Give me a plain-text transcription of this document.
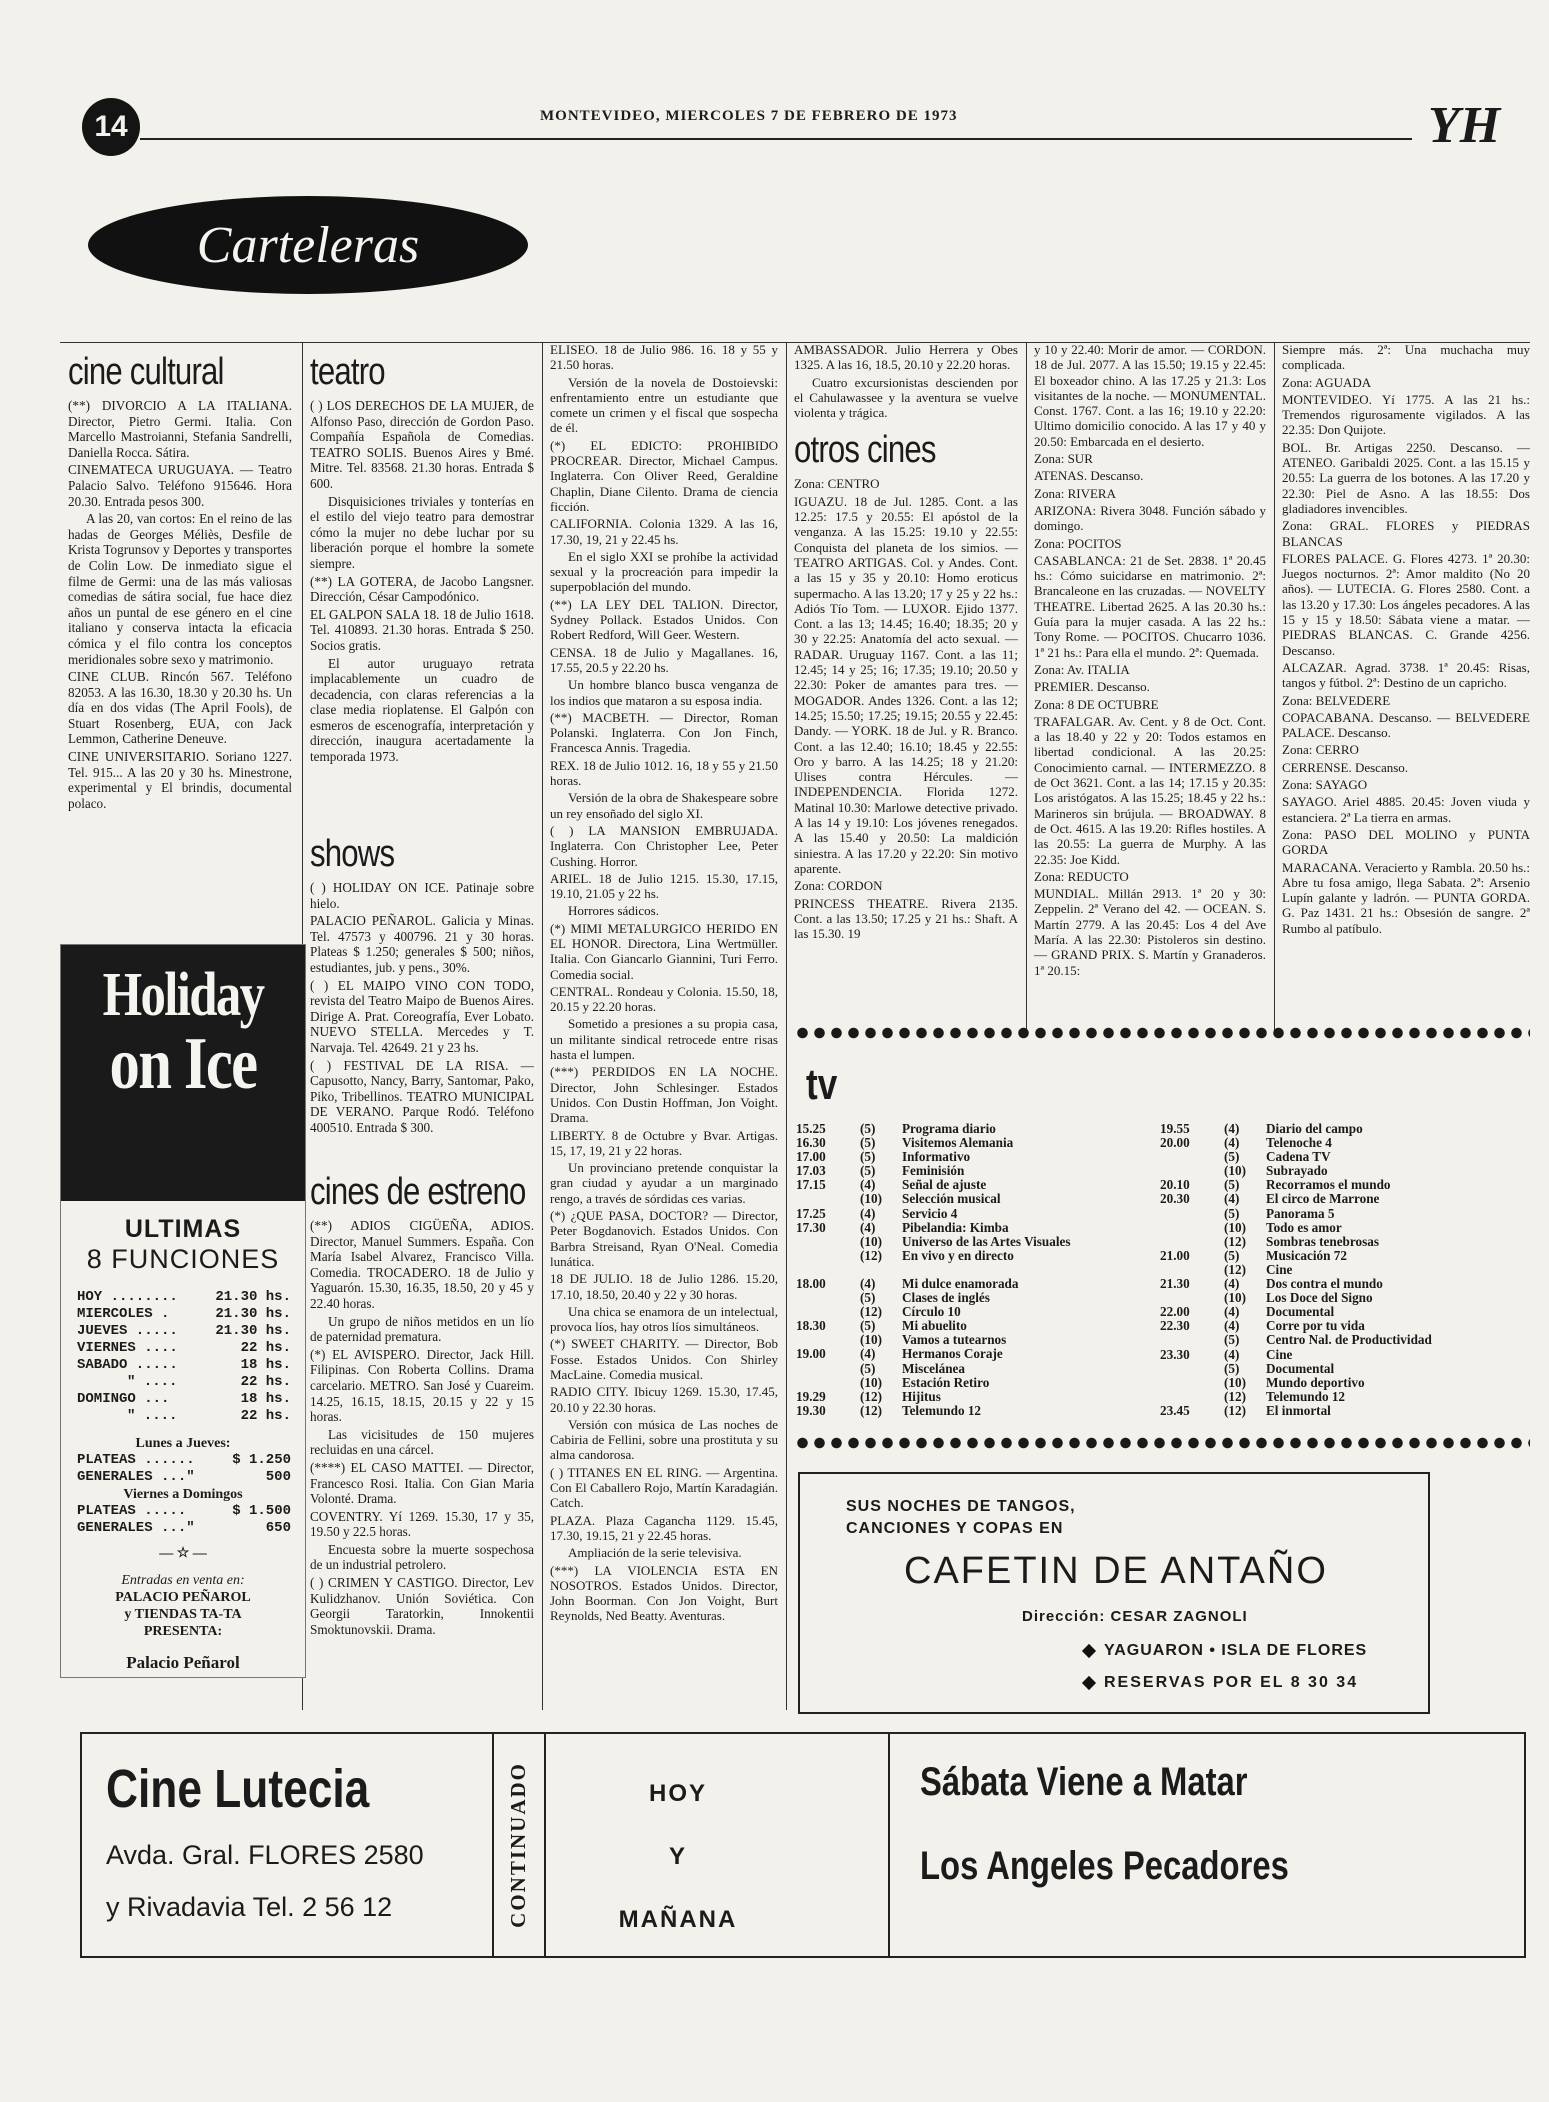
14	MONTEVIDEO, MIERCOLES 7 DE FEBRERO DE 1973	YH
Carteleras
cine cultural

(**) DIVORCIO A LA ITALIANA. Director, Pietro Germi. Italia. Con Marcello Mastroianni, Stefania Sandrelli, Daniella Rocca. Sátira.

CINEMATECA URUGUAYA. — Teatro Palacio Salvo. Teléfono 915646. Hora 20.30. Entrada pesos 300.

A las 20, van cortos: En el reino de las hadas de Georges Méliès, Desfile de Krista Togrunsov y Deportes y transportes de Colin Low. De inmediato sigue el filme de Germi: una de las más valiosas comedias de sátira social, fue hace diez años un puntal de ese género en el cine italiano y conserva intacta la eficacia cómica y el filo contra los conceptos meridionales sobre sexo y matrimonio.

CINE CLUB. Rincón 567. Teléfono 82053. A las 16.30, 18.30 y 20.30 hs. Un día en dos vidas (The April Fools), de Stuart Rosenberg, EUA, con Jack Lemmon, Catherine Deneuve.

CINE UNIVERSITARIO. Soriano 1227. Tel. 915... A las 20 y 30 hs. Minestrone, experimental y El brindis, documental polaco.

Holiday
on Ice
ULTIMAS
8 FUNCIONES
HOY ........	21.30 hs.
MIERCOLES .	21.30 hs.
JUEVES .....	21.30 hs.
VIERNES ....	22 hs.
SABADO .....	18 hs.
" ....	22 hs.
DOMINGO ...	18 hs.
" ....	22 hs.
Lunes a Jueves:
PLATEAS ......	$ 1.250
GENERALES ..."	500
Viernes a Domingos
PLATEAS .....	$ 1.500
GENERALES ..."	650
— ☆ —
Entradas en venta en:
PALACIO PEÑAROL
y TIENDAS TA-TA
PRESENTA:
Palacio Peñarol
teatro

( ) LOS DERECHOS DE LA MUJER, de Alfonso Paso, dirección de Gordon Paso. Compañía Española de Comedias. TEATRO SOLIS. Buenos Aires y Bmé. Mitre. Tel. 83568. 21.30 horas. Entrada $ 600.

Disquisiciones triviales y tonterías en el estilo del viejo teatro para demostrar cómo la mujer no debe luchar por su liberación porque el hombre la somete siempre.

(**) LA GOTERA, de Jacobo Langsner. Dirección, César Campodónico.

EL GALPON SALA 18. 18 de Julio 1618. Tel. 410893. 21.30 horas. Entrada $ 250. Socios gratis.

El autor uruguayo retrata implacablemente un cuadro de decadencia, con claras referencias a la clase media rioplatense. El Galpón con esmeros de escenografía, interpretación y dirección, inaugura acertadamente la temporada 1973.

shows

( ) HOLIDAY ON ICE. Patinaje sobre hielo.

PALACIO PEÑAROL. Galicia y Minas. Tel. 47573 y 400796. 21 y 30 horas. Plateas $ 1.250; generales $ 500; niños, estudiantes, jub. y pens., 30%.

( ) EL MAIPO VINO CON TODO, revista del Teatro Maipo de Buenos Aires. Dirige A. Prat. Coreografía, Ever Lobato. NUEVO STELLA. Mercedes y T. Narvaja. Tel. 42649. 21 y 23 hs.

( ) FESTIVAL DE LA RISA. — Capusotto, Nancy, Barry, Santomar, Pako, Piko, Tribellinos. TEATRO MUNICIPAL DE VERANO. Parque Rodó. Teléfono 400510. Entrada $ 300.

cines de estreno

(**) ADIOS CIGÜEÑA, ADIOS. Director, Manuel Summers. España. Con María Isabel Alvarez, Francisco Villa. Comedia. TROCADERO. 18 de Julio y Yaguarón. 15.30, 16.35, 18.50, 20 y 45 y 22.40 horas.

Un grupo de niños metidos en un lío de paternidad prematura.

(*) EL AVISPERO. Director, Jack Hill. Filipinas. Con Roberta Collins. Drama carcelario. METRO. San José y Cuareim. 14.25, 16.15, 18.15, 20.15 y 22 y 15 horas.

Las vicisitudes de 150 mujeres recluidas en una cárcel.

(****) EL CASO MATTEI. — Director, Francesco Rosi. Italia. Con Gian Maria Volonté. Drama.

COVENTRY. Yí 1269. 15.30, 17 y 35, 19.50 y 22.5 horas.

Encuesta sobre la muerte sospechosa de un industrial petrolero.

( ) CRIMEN Y CASTIGO. Director, Lev Kulidzhanov. Unión Soviética. Con Georgii Taratorkin, Innokentii Smoktunovskii. Drama.

ELISEO. 18 de Julio 986. 16. 18 y 55 y 21.50 horas.

Versión de la novela de Dostoievski: enfrentamiento entre un estudiante que comete un crimen y el fiscal que sospecha de él.

(*) EL EDICTO: PROHIBIDO PROCREAR. Director, Michael Campus. Inglaterra. Con Oliver Reed, Geraldine Chaplin, Diane Cilento. Drama de ciencia ficción.

CALIFORNIA. Colonia 1329. A las 16, 17.30, 19, 21 y 22.45 hs.

En el siglo XXI se prohíbe la actividad sexual y la procreación para impedir la superpoblación del mundo.

(**) LA LEY DEL TALION. Director, Sydney Pollack. Estados Unidos. Con Robert Redford, Will Geer. Western.

CENSA. 18 de Julio y Magallanes. 16, 17.55, 20.5 y 22.20 hs.

Un hombre blanco busca venganza de los indios que mataron a su esposa india.

(**) MACBETH. — Director, Roman Polanski. Inglaterra. Con Jon Finch, Francesca Annis. Tragedia.

REX. 18 de Julio 1012. 16, 18 y 55 y 21.50 horas.

Versión de la obra de Shakespeare sobre un rey ensoñado del siglo XI.

( ) LA MANSION EMBRUJADA. Inglaterra. Con Christopher Lee, Peter Cushing. Horror.

ARIEL. 18 de Julio 1215. 15.30, 17.15, 19.10, 21.05 y 22 hs.

Horrores sádicos.

(*) MIMI METALURGICO HERIDO EN EL HONOR. Directora, Lina Wertmüller. Italia. Con Giancarlo Giannini, Turi Ferro. Comedia social.

CENTRAL. Rondeau y Colonia. 15.50, 18, 20.15 y 22.20 horas.

Sometido a presiones a su propia casa, un militante sindical retrocede entre risas hasta el lumpen.

(***) PERDIDOS EN LA NOCHE. Director, John Schlesinger. Estados Unidos. Con Dustin Hoffman, Jon Voight. Drama.

LIBERTY. 8 de Octubre y Bvar. Artigas. 15, 17, 19, 21 y 22 horas.

Un provinciano pretende conquistar la gran ciudad y ayudar a un marginado rengo, a través de sórdidas ces varias.

(*) ¿QUE PASA, DOCTOR? — Director, Peter Bogdanovich. Estados Unidos. Con Barbra Streisand, Ryan O'Neal. Comedia lunática.

18 DE JULIO. 18 de Julio 1286. 15.20, 17.10, 18.50, 20.40 y 22 y 30 horas.

Una chica se enamora de un intelectual, provoca líos, hay otros líos simultáneos.

(*) SWEET CHARITY. — Director, Bob Fosse. Estados Unidos. Con Shirley MacLaine. Comedia musical.

RADIO CITY. Ibicuy 1269. 15.30, 17.45, 20.10 y 22.30 horas.

Versión con música de Las noches de Cabiria de Fellini, sobre una prostituta y su alma candorosa.

( ) TITANES EN EL RING. — Argentina. Con El Caballero Rojo, Martín Karadagián. Catch.

PLAZA. Plaza Cagancha 1129. 15.45, 17.30, 19.15, 21 y 22.45 horas.

Ampliación de la serie televisiva.

(***) LA VIOLENCIA ESTA EN NOSOTROS. Estados Unidos. Director, John Boorman. Con Jon Voight, Burt Reynolds, Ned Beatty. Aventuras.

AMBASSADOR. Julio Herrera y Obes 1325. A las 16, 18.5, 20.10 y 22.20 horas.

Cuatro excursionistas descienden por el Cahulawassee y la aventura se vuelve violenta y trágica.

otros cines

Zona: CENTRO

IGUAZU. 18 de Jul. 1285. Cont. a las 12.25: 17.5 y 20.55: El apóstol de la venganza. A las 15.25: 19.10 y 22.55: Conquista del planeta de los simios. — TEATRO ARTIGAS. Col. y Andes. Cont. a las 15 y 35 y 20.10: Homo eroticus supermacho. A las 13.20; 17 y 25 y 22 hs.: Adiós Tío Tom. — LUXOR. Ejido 1377. Cont. a las 13; 14.45; 16.40; 18.35; 20 y 30 y 22.25: Anatomía del acto sexual. — RADAR. Uruguay 1167. Cont. a las 11; 12.45; 14 y 25; 16; 17.35; 19.10; 20.50 y 22.30: Poker de amantes para tres. — MOGADOR. Andes 1326. Cont. a las 12; 14.25; 15.50; 17.25; 19.15; 20.55 y 22.45: Dandy. — YORK. 18 de Jul. y R. Branco. Cont. a las 12.40; 16.10; 18.45 y 22.55: Oro y barro. A las 14.25; 18 y 21.20: Ulises contra Hércules. — INDEPENDENCIA. Florida 1272. Matinal 10.30: Marlowe detective privado. A las 14 y 19.10: Los jóvenes renegados. A las 15.40 y 20.50: La maldición siniestra. A las 17.20 y 22.20: Sin motivo aparente.

Zona: CORDON

PRINCESS THEATRE. Rivera 2135. Cont. a las 13.50; 17.25 y 21 hs.: Shaft. A las 15.30. 19

y 10 y 22.40: Morir de amor. — CORDON. 18 de Jul. 2077. A las 15.50; 19.15 y 22.45: El boxeador chino. A las 17.25 y 21.3: Los visitantes de la noche. — MONUMENTAL. Const. 1767. Cont. a las 16; 19.10 y 22.20: Ultimo domicilio conocido. A las 17 y 40 y 20.50: Embarcada en el desierto.

Zona: SUR

ATENAS. Descanso.

Zona: RIVERA

ARIZONA: Rivera 3048. Función sábado y domingo.

Zona: POCITOS

CASABLANCA: 21 de Set. 2838. 1ª 20.45 hs.: Cómo suicidarse en matrimonio. 2ª: Brancaleone en las cruzadas. — NOVELTY THEATRE. Libertad 2625. A las 20.30 hs.: Guía para la mujer casada. A las 22 hs.: Tony Rome. — POCITOS. Chucarro 1036. 1ª 21 hs.: Para ella el mundo. 2ª: Quemada.

Zona: Av. ITALIA

PREMIER. Descanso.

Zona: 8 DE OCTUBRE

TRAFALGAR. Av. Cent. y 8 de Oct. Cont. a las 18.40 y 22 y 20: Todos estamos en libertad condicional. A las 20.25: Conocimiento carnal. — INTERMEZZO. 8 de Oct 3621. Cont. a las 14; 17.15 y 20.35: Los aristógatos. A las 15.25; 18.45 y 22 hs.: Marineros sin brújula. — BROADWAY. 8 de Oct. 4615. A las 19.20: Rifles hostiles. A las 20.55: La guerra de Murphy. A las 22.35: Joe Kidd.

Zona: REDUCTO

MUNDIAL. Millán 2913. 1ª 20 y 30: Zeppelin. 2ª Verano del 42. — OCEAN. S. Martín 2779. A las 20.45: Los 4 del Ave María. A las 22.30: Pistoleros sin destino. — GRAND PRIX. S. Martín y Granaderos. 1ª 20.15:

Siempre más. 2ª: Una muchacha muy complicada.

Zona: AGUADA

MONTEVIDEO. Yí 1775. A las 21 hs.: Tremendos rigurosamente vigilados. A las 22.35: Don Quijote.

BOL. Br. Artigas 2250. Descanso. — ATENEO. Garibaldi 2025. Cont. a las 15.15 y 20.55: La guerra de los botones. A las 17.20 y 22.30: Piel de Asno. A las 18.55: Dos gladiadores invencibles.

Zona: GRAL. FLORES y PIEDRAS BLANCAS

FLORES PALACE. G. Flores 4273. 1ª 20.30: Juegos nocturnos. 2ª: Amor maldito (No 20 años). — LUTECIA. G. Flores 2580. Cont. a las 13.20 y 17.30: Los ángeles pecadores. A las 15 y 15 y 18.50: Sábata viene a matar. — PIEDRAS BLANCAS. C. Grande 4256. Descanso.

ALCAZAR. Agrad. 3738. 1ª 20.45: Risas, tangos y fútbol. 2ª: Destino de un capricho.

Zona: BELVEDERE

COPACABANA. Descanso. — BELVEDERE PALACE. Descanso.

Zona: CERRO

CERRENSE. Descanso.

Zona: SAYAGO

SAYAGO. Ariel 4885. 20.45: Joven viuda y estanciera. 2ª La tierra en armas.

Zona: PASO DEL MOLINO y PUNTA GORDA

MARACANA. Veracierto y Rambla. 20.50 hs.: Abre tu fosa amigo, llega Sabata. 2ª: Arsenio Lupín galante y ladrón. — PUNTA GORDA. G. Paz 1431. 21 hs.: Obsesión de sangre. 2ª Rumbo al patíbulo.

tv
15.25	(5)	Programa diario
16.30	(5)	Visitemos Alemania
17.00	(5)	Informativo
17.03	(5)	Feminisión
17.15	(4)	Señal de ajuste
(10)	Selección musical
17.25	(4)	Servicio 4
17.30	(4)	Pibelandia: Kimba
(10)	Universo de las Artes Visuales
(12)	En vivo y en directo
18.00	(4)	Mi dulce enamorada
(5)	Clases de inglés
(12)	Círculo 10
18.30	(5)	Mi abuelito
(10)	Vamos a tutearnos
19.00	(4)	Hermanos Coraje
(5)	Miscelánea
(10)	Estación Retiro
19.29	(12)	Hijitus
19.30	(12)	Telemundo 12
19.55	(4)	Diario del campo
20.00	(4)	Telenoche 4
(5)	Cadena TV
(10)	Subrayado
20.10	(5)	Recorramos el mundo
20.30	(4)	El circo de Marrone
(5)	Panorama 5
(10)	Todo es amor
(12)	Sombras tenebrosas
21.00	(5)	Musicación 72
(12)	Cine
21.30	(4)	Dos contra el mundo
(10)	Los Doce del Signo
22.00	(4)	Documental
22.30	(4)	Corre por tu vida
(5)	Centro Nal. de Productividad
23.30	(4)	Cine
(5)	Documental
(10)	Mundo deportivo
(12)	Telemundo 12
23.45	(12)	El inmortal
SUS NOCHES DE TANGOS,
CANCIONES Y COPAS EN
CAFETIN DE ANTAÑO
Dirección: CESAR ZAGNOLI
YAGUARON • ISLA DE FLORES
RESERVAS POR EL 8 30 34
Cine Lutecia
Avda. Gral. FLORES 2580
y Rivadavia Tel. 2 56 12	CONTINUADO	HOY
Y
MAÑANA
Sábata Viene a Matar
Los Angeles Pecadores
